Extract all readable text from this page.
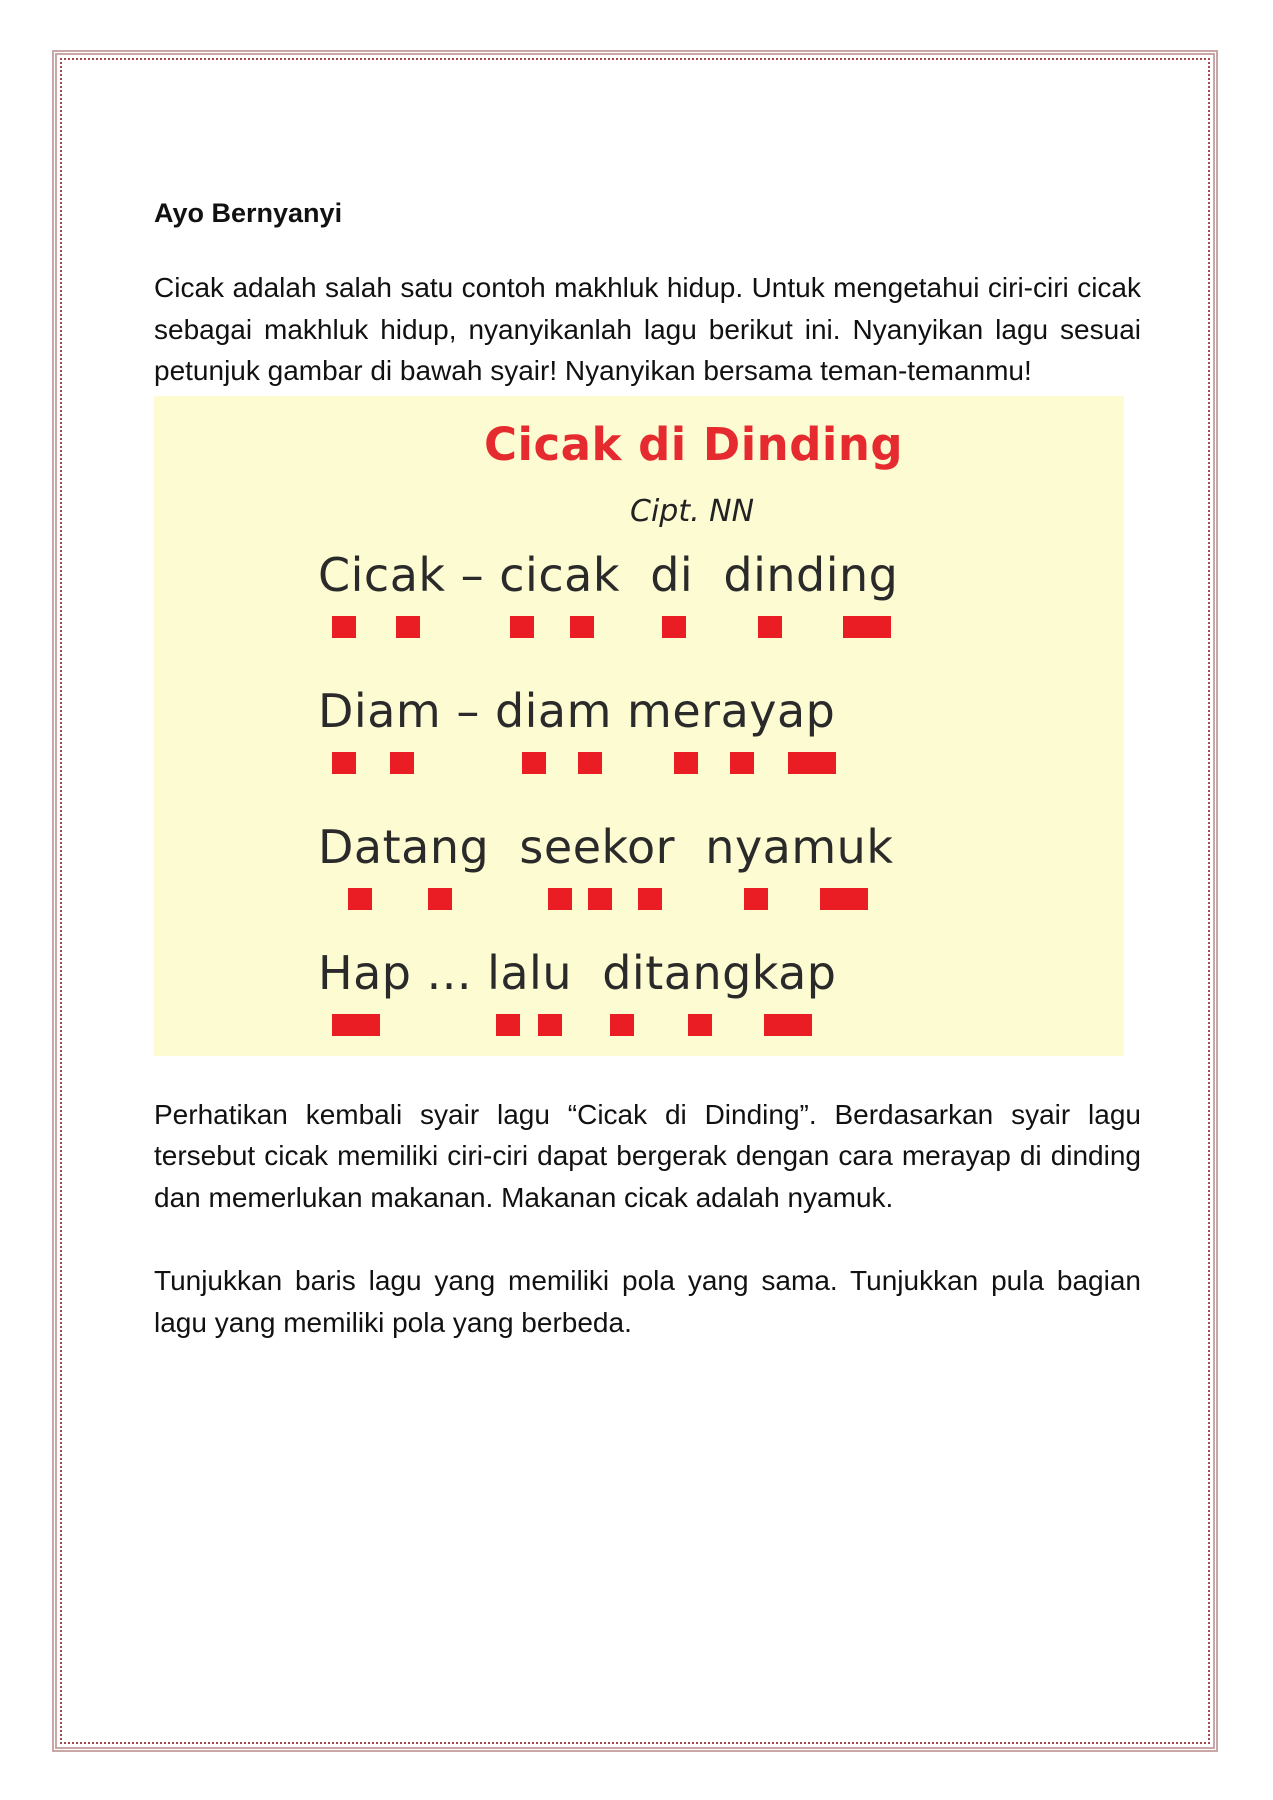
Ayo Bernyanyi

Cicak adalah salah satu contoh makhluk hidup. Untuk mengetahui ciri-ciri cicak sebagai makhluk hidup, nyanyikanlah lagu berikut ini. Nyanyikan lagu sesuai petunjuk gambar di bawah syair! Nyanyikan bersama teman-temanmu!

Cicak di Dinding
Cipt. NN
Cicak – cicak  di  dinding
Diam – diam merayap
Datang  seekor  nyamuk
Hap ... lalu  ditangkap

Perhatikan kembali syair lagu “Cicak di Dinding”. Berdasarkan syair lagu tersebut cicak memiliki ciri-ciri dapat bergerak dengan cara merayap di dinding dan memerlukan makanan. Makanan cicak adalah nyamuk.

Tunjukkan baris lagu yang memiliki pola yang sama. Tunjukkan pula bagian lagu yang memiliki pola yang berbeda.
